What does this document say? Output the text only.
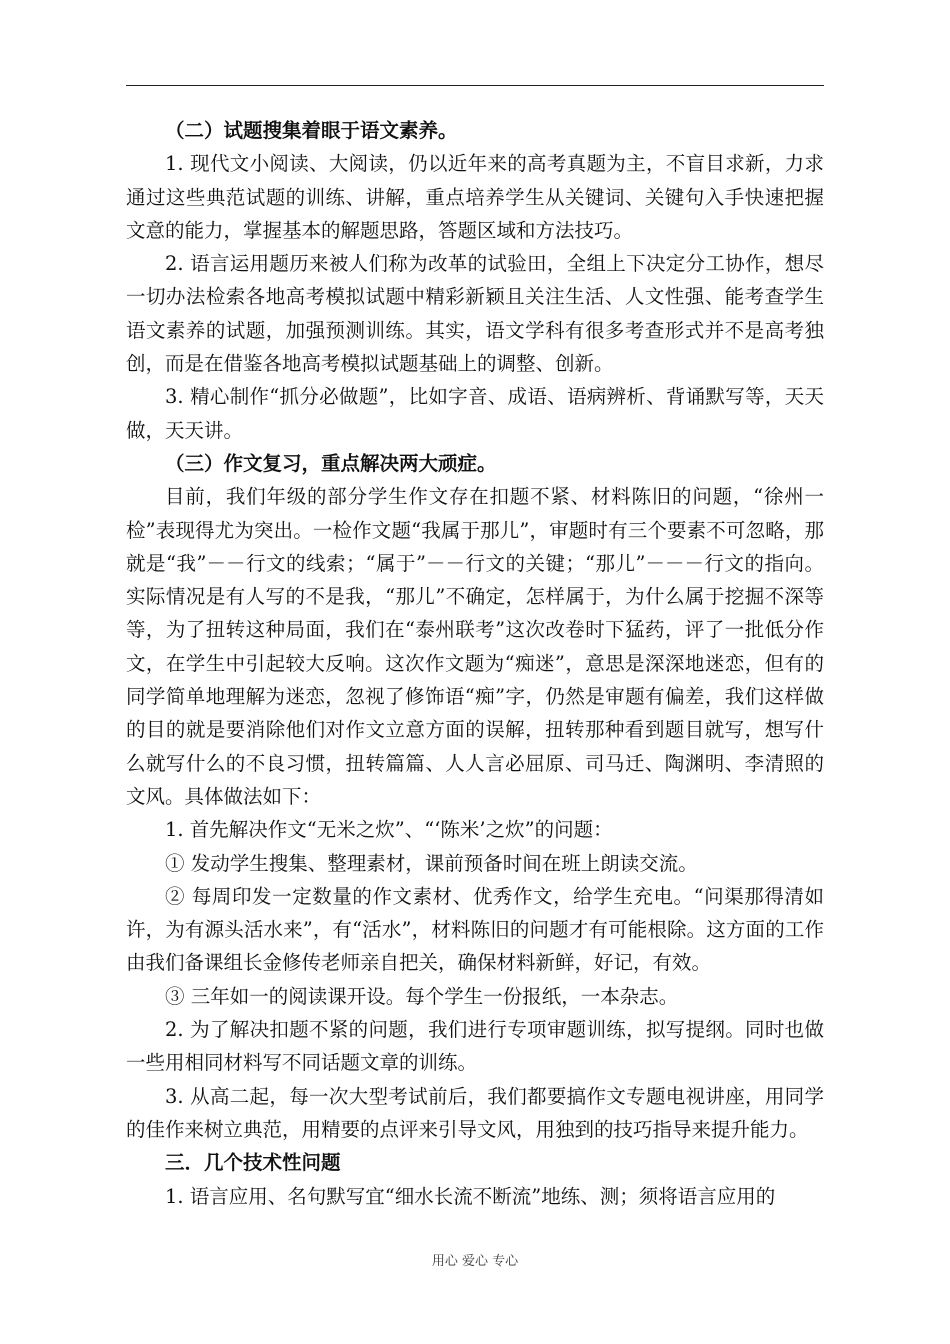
（二）试题搜集着眼于语文素养。

1. 现代文小阅读、大阅读，仍以近年来的高考真题为主，不盲目求新，力求通过这些典范试题的训练、讲解，重点培养学生从关键词、关键句入手快速把握文意的能力，掌握基本的解题思路，答题区域和方法技巧。

2. 语言运用题历来被人们称为改革的试验田，全组上下决定分工协作，想尽一切办法检索各地高考模拟试题中精彩新颖且关注生活、人文性强、能考查学生语文素养的试题，加强预测训练。其实，语文学科有很多考查形式并不是高考独创，而是在借鉴各地高考模拟试题基础上的调整、创新。

3. 精心制作“抓分必做题”，比如字音、成语、语病辨析、背诵默写等，天天做，天天讲。

（三）作文复习，重点解决两大顽症。

目前，我们年级的部分学生作文存在扣题不紧、材料陈旧的问题，“徐州一检”表现得尤为突出。一检作文题“我属于那儿”，审题时有三个要素不可忽略，那就是“我”－－行文的线索；“属于”－－行文的关键；“那儿”－－－行文的指向。实际情况是有人写的不是我，“那儿”不确定，怎样属于，为什么属于挖掘不深等等，为了扭转这种局面，我们在“泰州联考”这次改卷时下猛药，评了一批低分作文，在学生中引起较大反响。这次作文题为“痴迷”，意思是深深地迷恋，但有的同学简单地理解为迷恋，忽视了修饰语“痴”字，仍然是审题有偏差，我们这样做的目的就是要消除他们对作文立意方面的误解，扭转那种看到题目就写，想写什么就写什么的不良习惯，扭转篇篇、人人言必屈原、司马迁、陶渊明、李清照的文风。具体做法如下：

1. 首先解决作文“无米之炊”、“‘陈米’之炊”的问题：

① 发动学生搜集、整理素材，课前预备时间在班上朗读交流。

② 每周印发一定数量的作文素材、优秀作文，给学生充电。“问渠那得清如许，为有源头活水来”，有“活水”，材料陈旧的问题才有可能根除。这方面的工作由我们备课组长金修传老师亲自把关，确保材料新鲜，好记，有效。

③ 三年如一的阅读课开设。每个学生一份报纸，一本杂志。

2. 为了解决扣题不紧的问题，我们进行专项审题训练，拟写提纲。同时也做一些用相同材料写不同话题文章的训练。

3. 从高二起，每一次大型考试前后，我们都要搞作文专题电视讲座，用同学的佳作来树立典范，用精要的点评来引导文风，用独到的技巧指导来提升能力。

三．几个技术性问题

1. 语言应用、名句默写宜“细水长流不断流”地练、测；须将语言应用的

用心 爱心 专心
